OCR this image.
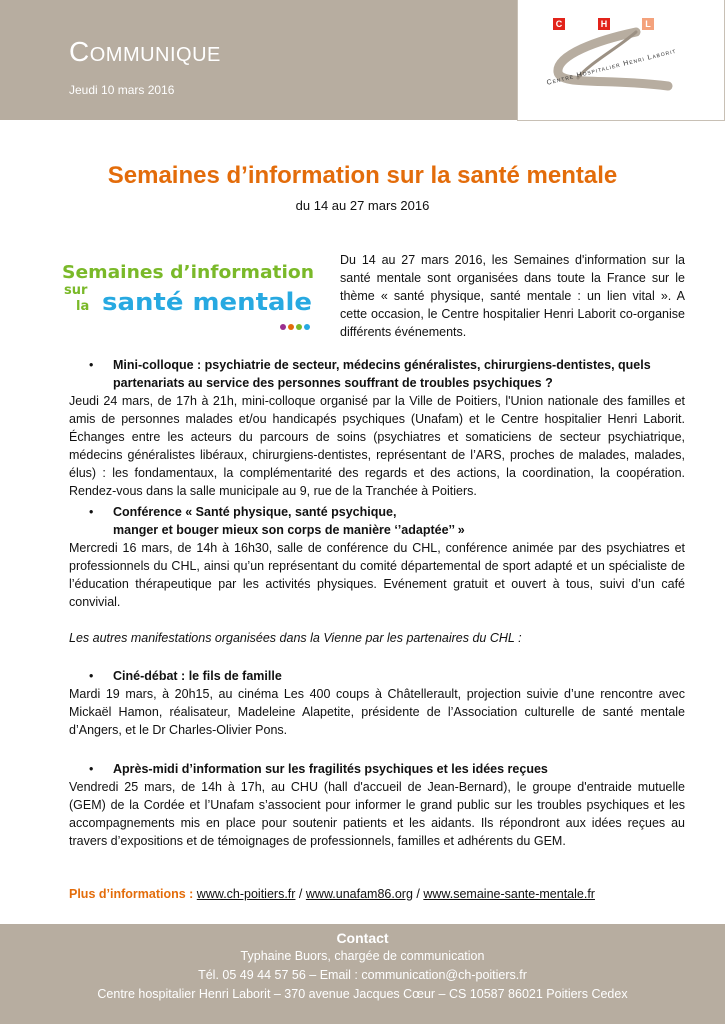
Communique
Jeudi 10 mars 2016
C	H	L
Centre Hospitalier Henri Laborit
Semaines d’information sur la santé mentale
du 14 au 27 mars 2016
Semaines d’information
sur
la santé mentale
Du 14 au 27 mars 2016, les Semaines d'information sur la santé mentale sont organisées dans toute la France sur le thème « santé physique, santé mentale : un lien vital ». A cette occasion, le Centre hospitalier Henri Laborit co-organise différents événements.
• Mini-colloque : psychiatrie de secteur, médecins généralistes, chirurgiens-dentistes, quels partenariats au service des personnes souffrant de troubles psychiques ?
Jeudi 24 mars, de 17h à 21h, mini-colloque organisé par la Ville de Poitiers, l'Union nationale des familles et amis de personnes malades et/ou handicapés psychiques (Unafam) et le Centre hospitalier Henri Laborit. Échanges entre les acteurs du parcours de soins (psychiatres et somaticiens de secteur psychiatrique, médecins généralistes libéraux, chirurgiens-dentistes, représentant de l’ARS, proches de malades, malades, élus) : les fondamentaux, la complémentarité des regards et des actions, la coordination, la coopération. Rendez-vous dans la salle municipale au 9, rue de la Tranchée à Poitiers.
• Conférence « Santé physique, santé psychique,
manger et bouger mieux son corps de manière ‘’adaptée’’ »
Mercredi 16 mars, de 14h à 16h30, salle de conférence du CHL, conférence animée par des psychiatres et professionnels du CHL, ainsi qu’un représentant du comité départemental de sport adapté et un spécialiste de l’éducation thérapeutique par les activités physiques. Evénement gratuit et ouvert à tous, suivi d’un café convivial.
Les autres manifestations organisées dans la Vienne par les partenaires du CHL :
• Ciné-débat : le fils de famille
Mardi 19 mars, à 20h15, au cinéma Les 400 coups à Châtellerault, projection suivie d’une rencontre avec Mickaël Hamon, réalisateur, Madeleine Alapetite, présidente de l’Association culturelle de santé mentale d’Angers, et le Dr Charles-Olivier Pons.
• Après-midi d’information sur les fragilités psychiques et les idées reçues
Vendredi 25 mars, de 14h à 17h, au CHU (hall d'accueil de Jean-Bernard), le groupe d'entraide mutuelle (GEM) de la Cordée et l’Unafam s’associent pour informer le grand public sur les troubles psychiques et les accompagnements mis en place pour soutenir patients et les aidants. Ils répondront aux idées reçues au travers d’expositions et de témoignages de professionnels, familles et adhérents du GEM.
Plus d’informations : www.ch-poitiers.fr / www.unafam86.org / www.semaine-sante-mentale.fr
Contact
Typhaine Buors, chargée de communication
Tél. 05 49 44 57 56 – Email : communication@ch-poitiers.fr
Centre hospitalier Henri Laborit – 370 avenue Jacques Cœur – CS 10587 86021 Poitiers Cedex
